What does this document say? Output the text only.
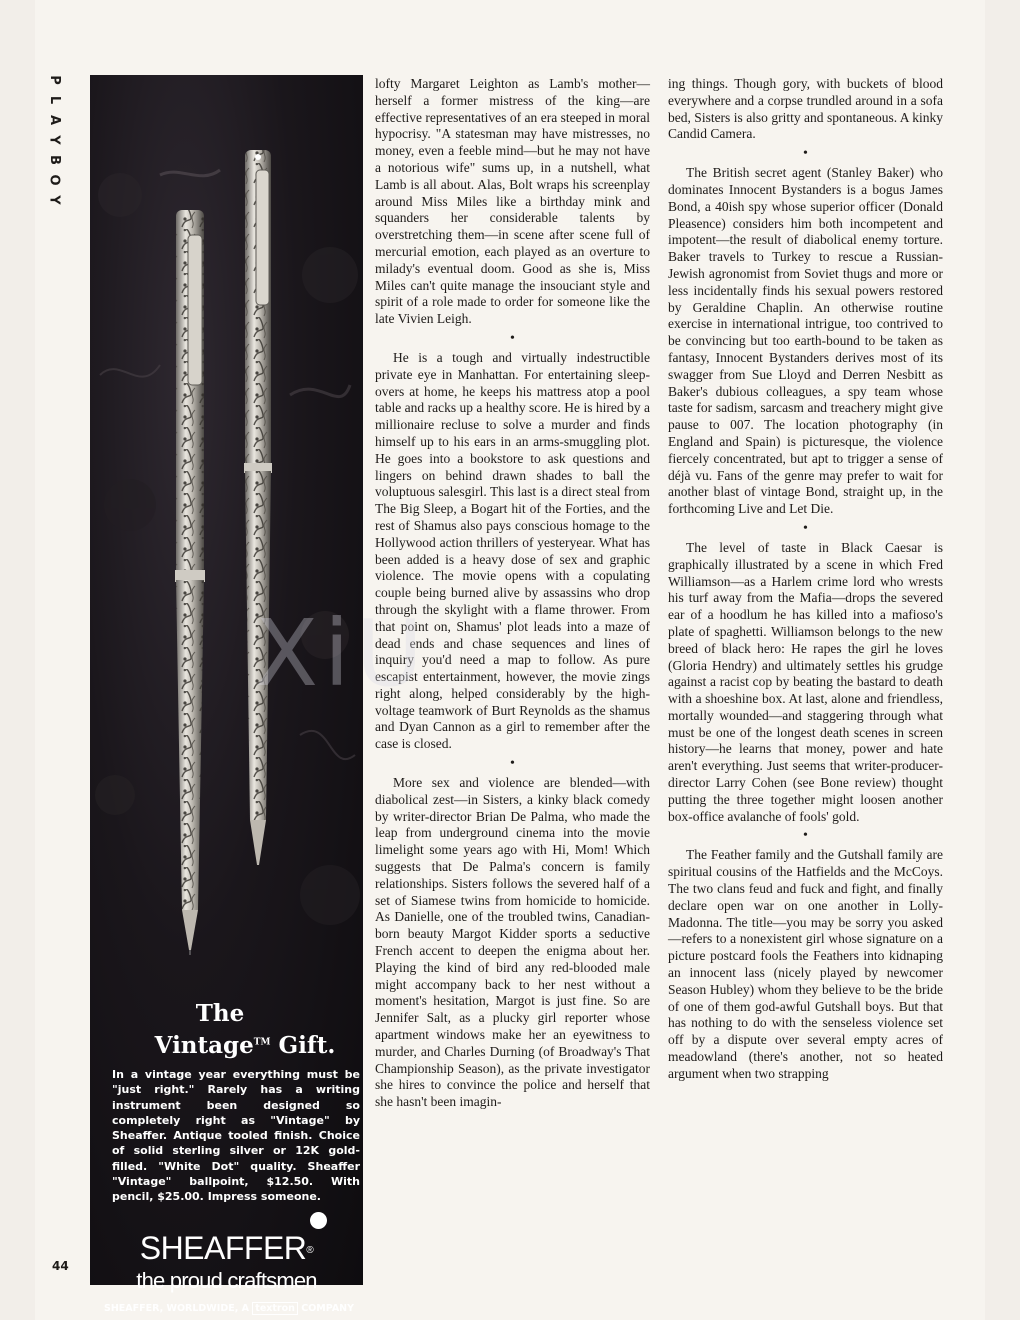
P
L
A
Y
B
O
Y
44
The
Vintage™ Gift.
In a vintage year everything must be "just right." Rarely has a writing instrument been designed so completely right as "Vintage" by Sheaffer. Antique tooled finish. Choice of solid sterling silver or 12K gold-filled. "White Dot" quality. Sheaffer "Vintage" ballpoint, $12.50. With pencil, $25.00. Impress someone.
SHEAFFER®
the proud craftsmen
SHEAFFER, WORLDWIDE, A textron COMPANY

lofty Margaret Leighton as Lamb's mother—herself a former mistress of the king—are effective representatives of an era steeped in moral hypocrisy. "A statesman may have mistresses, no money, even a feeble mind—but he may not have a notorious wife" sums up, in a nutshell, what Lamb is all about. Alas, Bolt wraps his screenplay around Miss Miles like a birthday mink and squanders her considerable talents by overstretching them—in scene after scene full of mercurial emotion, each played as an overture to milady's eventual doom. Good as she is, Miss Miles can't quite manage the insouciant style and spirit of a role made to order for someone like the late Vivien Leigh.

•

He is a tough and virtually indestructible private eye in Manhattan. For entertaining sleep-overs at home, he keeps his mattress atop a pool table and racks up a healthy score. He is hired by a millionaire recluse to solve a murder and finds himself up to his ears in an arms-smuggling plot. He goes into a bookstore to ask questions and lingers on behind drawn shades to ball the voluptuous salesgirl. This last is a direct steal from The Big Sleep, a Bogart hit of the Forties, and the rest of Shamus also pays conscious homage to the Hollywood action thrillers of yesteryear. What has been added is a heavy dose of sex and graphic violence. The movie opens with a copulating couple being burned alive by assassins who drop through the skylight with a flame thrower. From that point on, Shamus' plot leads into a maze of dead ends and chase sequences and lines of inquiry you'd need a map to follow. As pure escapist entertainment, however, the movie zings right along, helped considerably by the high-voltage teamwork of Burt Reynolds as the shamus and Dyan Cannon as a girl to remember after the case is closed.

•

More sex and violence are blended—with diabolical zest—in Sisters, a kinky black comedy by writer-director Brian De Palma, who made the leap from underground cinema into the movie limelight some years ago with Hi, Mom! Which suggests that De Palma's concern is family relationships. Sisters follows the severed half of a set of Siamese twins from homicide to homicide. As Danielle, one of the troubled twins, Canadian-born beauty Margot Kidder sports a seductive French accent to deepen the enigma about her. Playing the kind of bird any red-blooded male might accompany back to her nest without a moment's hesitation, Margot is just fine. So are Jennifer Salt, as a plucky girl reporter whose apartment windows make her an eyewitness to murder, and Charles Durning (of Broadway's That Championship Season), as the private investigator she hires to convince the police and herself that she hasn't been imagin-

ing things. Though gory, with buckets of blood everywhere and a corpse trundled around in a sofa bed, Sisters is also gritty and spontaneous. A kinky Candid Camera.

•

The British secret agent (Stanley Baker) who dominates Innocent Bystanders is a bogus James Bond, a 40ish spy whose superior officer (Donald Pleasence) considers him both incompetent and impotent—the result of diabolical enemy torture. Baker travels to Turkey to rescue a Russian-Jewish agronomist from Soviet thugs and more or less incidentally finds his sexual powers restored by Geraldine Chaplin. An otherwise routine exercise in international intrigue, too contrived to be convincing but too earth-bound to be taken as fantasy, Innocent Bystanders derives most of its swagger from Sue Lloyd and Derren Nesbitt as Baker's dubious colleagues, a spy team whose taste for sadism, sarcasm and treachery might give pause to 007. The location photography (in England and Spain) is picturesque, the violence fiercely concentrated, but apt to trigger a sense of déjà vu. Fans of the genre may prefer to wait for another blast of vintage Bond, straight up, in the forthcoming Live and Let Die.

•

The level of taste in Black Caesar is graphically illustrated by a scene in which Fred Williamson—as a Harlem crime lord who wrests his turf away from the Mafia—drops the severed ear of a hoodlum he has killed into a mafioso's plate of spaghetti. Williamson belongs to the new breed of black hero: He rapes the girl he loves (Gloria Hendry) and ultimately settles his grudge against a racist cop by beating the bastard to death with a shoeshine box. At last, alone and friendless, mortally wounded—and staggering through what must be one of the longest death scenes in screen history—he learns that money, power and hate aren't everything. Just seems that writer-producer-director Larry Cohen (see Bone review) thought putting the three together might loosen another box-office avalanche of fools' gold.

•

The Feather family and the Gutshall family are spiritual cousins of the Hatfields and the McCoys. The two clans feud and fuck and fight, and finally declare open war on one another in Lolly-Madonna. The title—you may be sorry you asked—refers to a nonexistent girl whose signature on a picture postcard fools the Feathers into kidnaping an innocent lass (nicely played by newcomer Season Hubley) whom they believe to be the bride of one of them god-awful Gutshall boys. But that has nothing to do with the senseless violence set off by a dispute over several empty acres of meadowland (there's another, not so heated argument when two strapping

XiU
